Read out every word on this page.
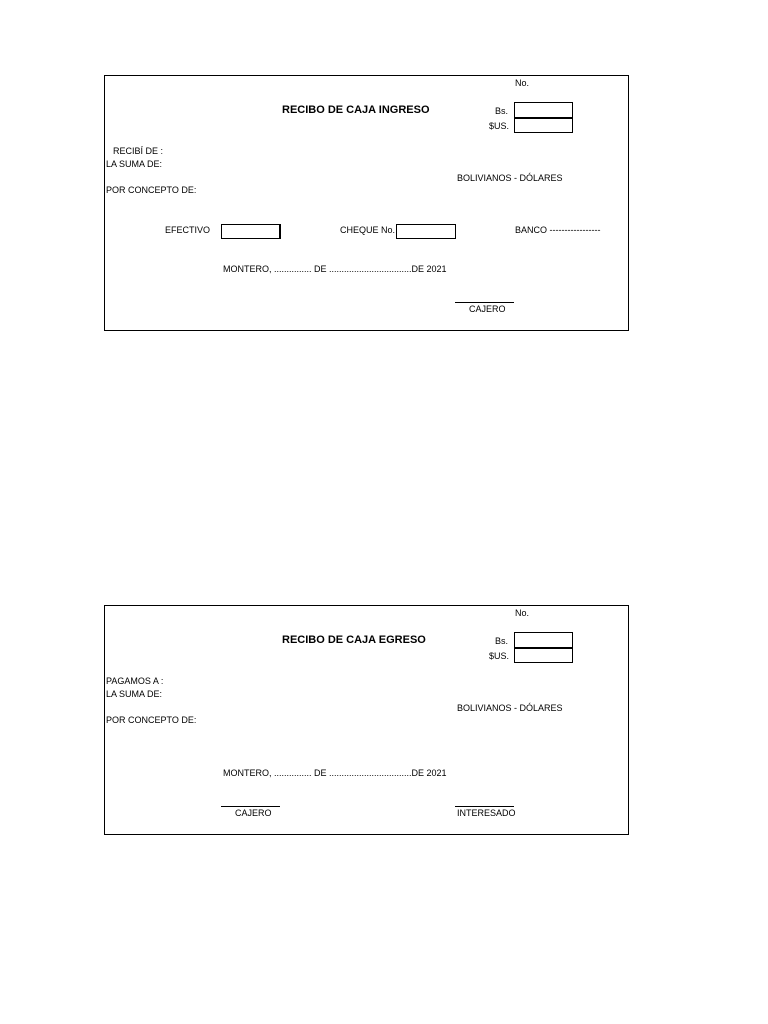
No.
RECIBO DE CAJA INGRESO	Bs.
$US.
RECIBÍ DE :
LA SUMA DE:
BOLIVIANOS - DÓLARES
POR CONCEPTO DE:
EFECTIVO	CHEQUE No.	BANCO -----------------
MONTERO, ............... DE .................................DE 2021
CAJERO
No.
RECIBO DE CAJA EGRESO	Bs.
$US.
PAGAMOS A :
LA SUMA DE:
BOLIVIANOS - DÓLARES
POR CONCEPTO DE:
MONTERO, ............... DE .................................DE 2021
CAJERO	INTERESADO
